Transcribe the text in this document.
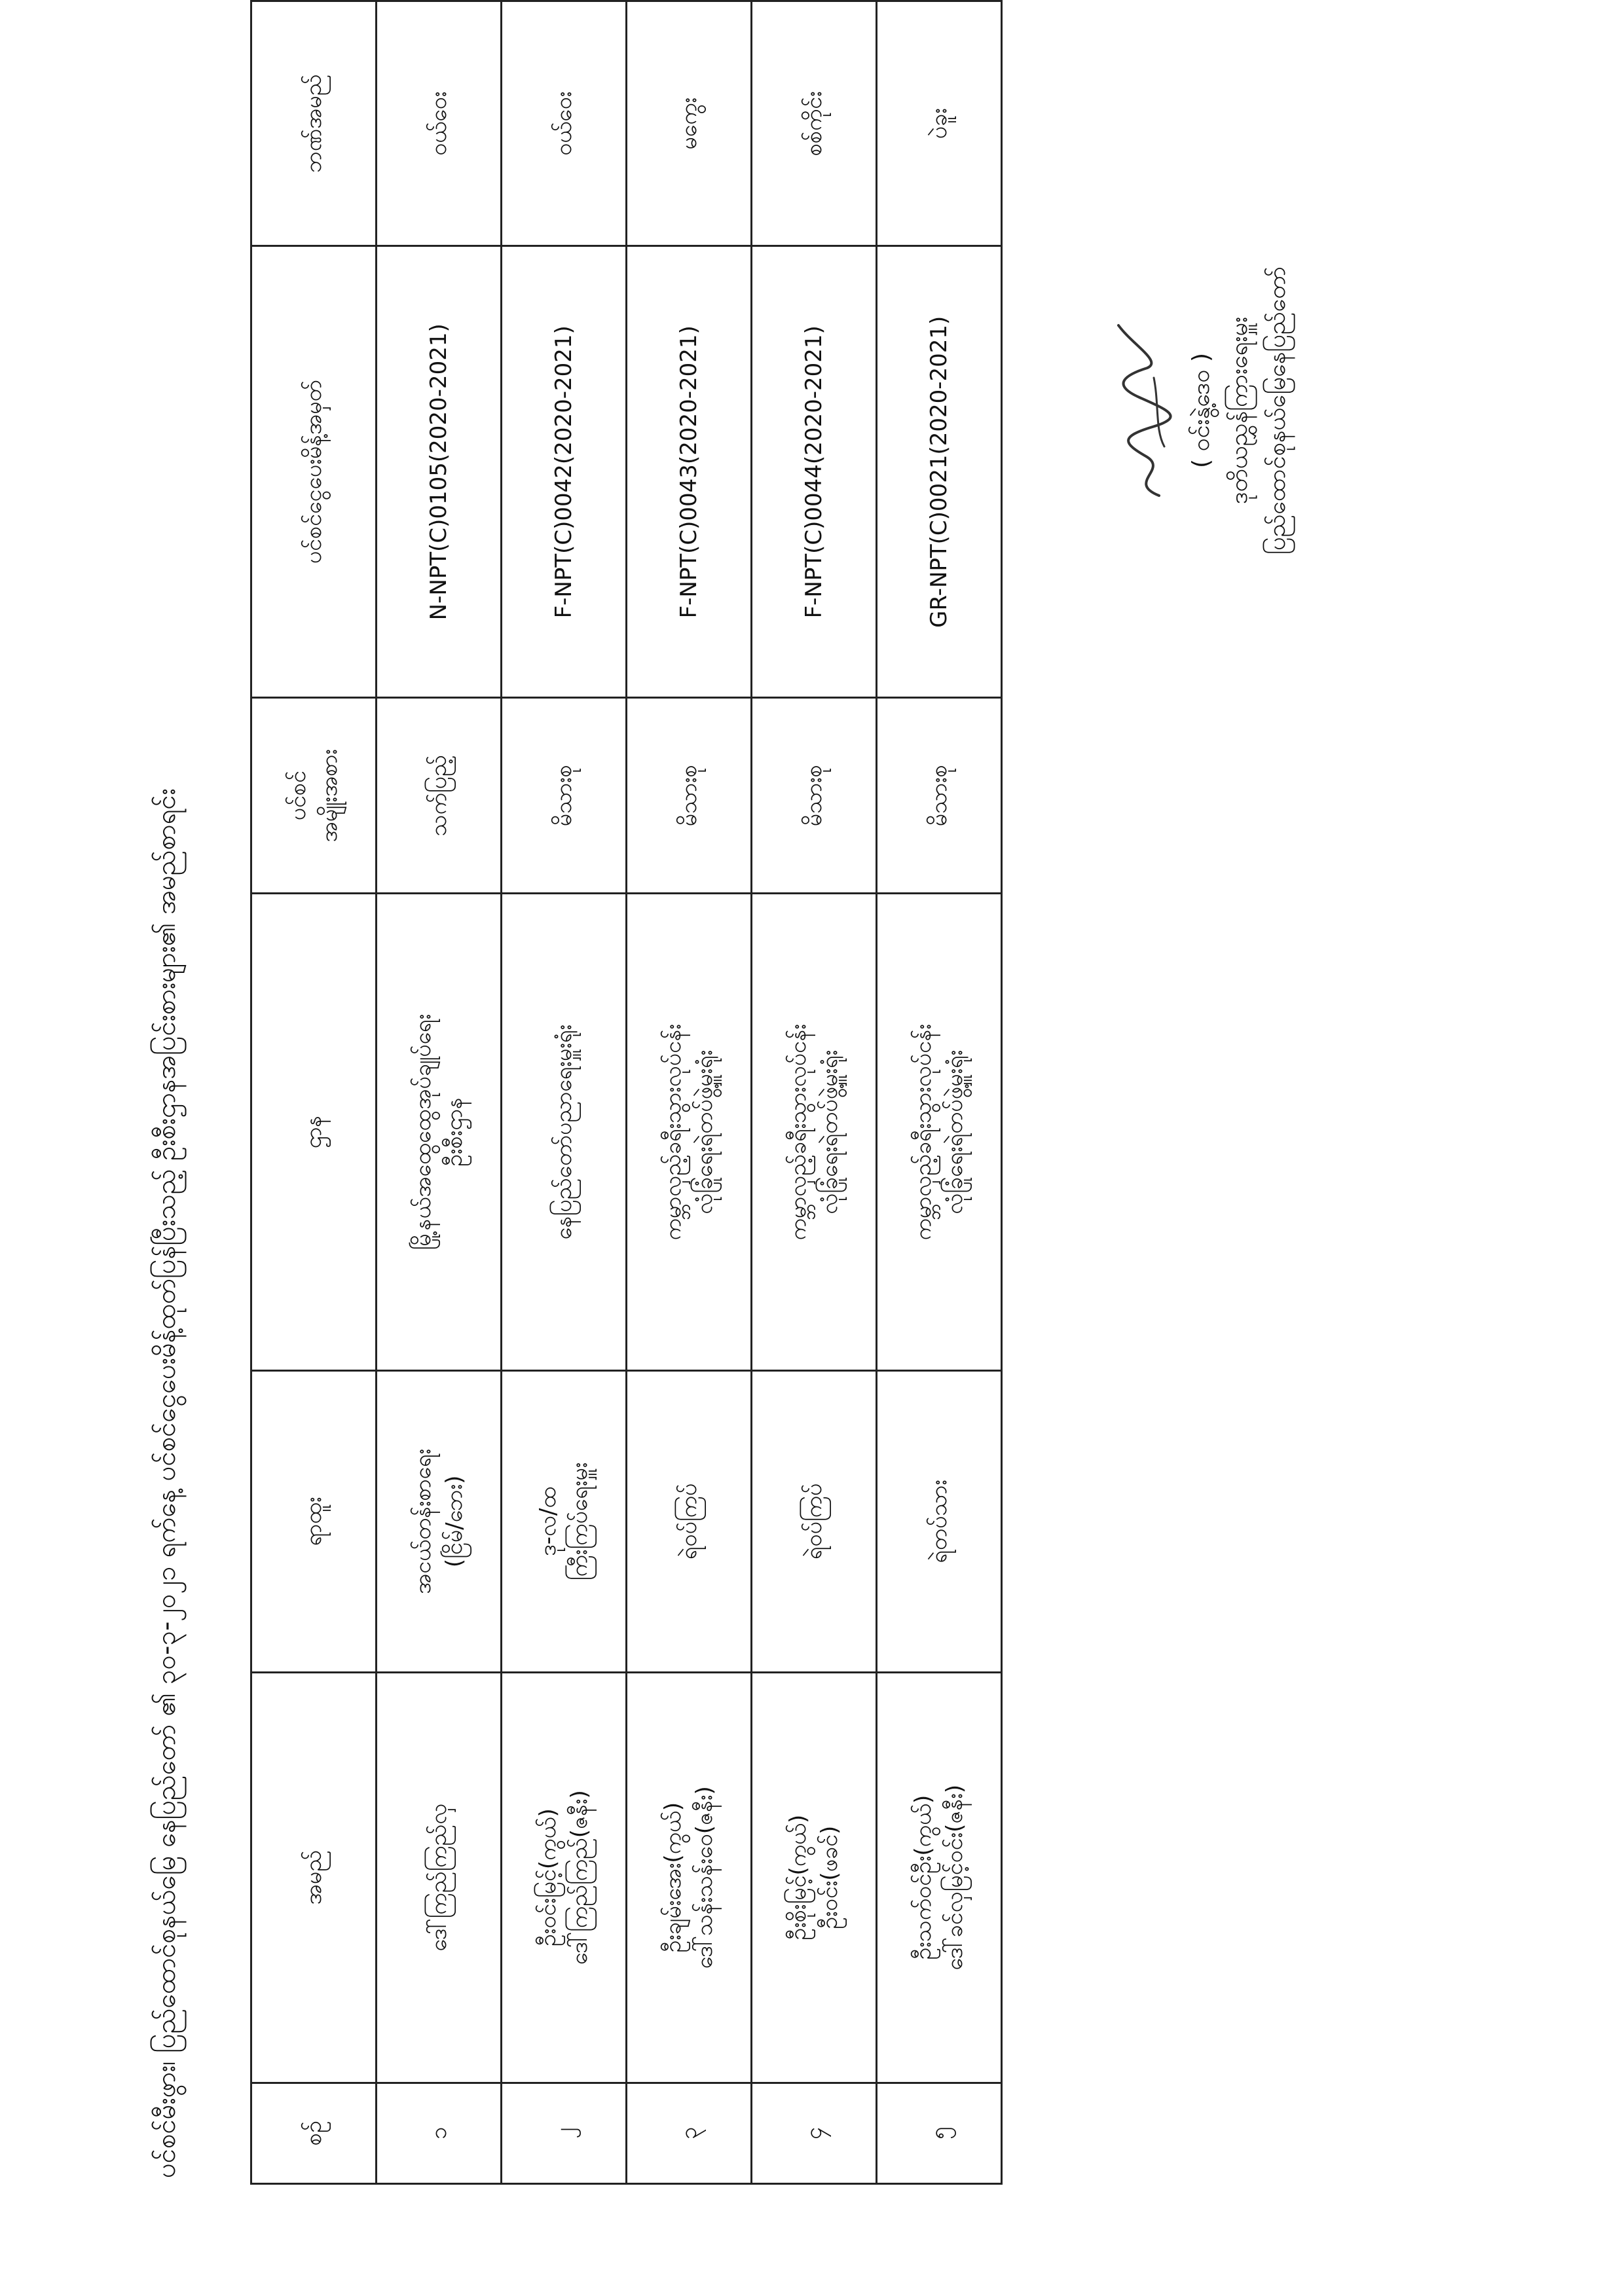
ပင်စင်မီးဖွား၊ ပြည်ထောင်စုနယ်မြေ နေပြည်တော် ၏ ၃၀-၃-၂၀၂၁ ရက်နေ့ ပင်စင်ငွေပေးမိန့်ထုတ်ပြန်ပြီးသည့် ဦးစီးဌာနအပြင်းစားများ၏ အမည်စာရင်း	စဉ်	အမည်	ရာထူး	ဌာန	ပင်စင် အမျိုးအစား	ပင်စင်ငွေပေးမိန့်အမှတ်	ဘဏ်အမည်
၁	ဒေါ်ကြည်ကြည်လှ	အငယ်တန်းစာရေး (ငြိမ်/ဘေး)	မြို့နယ်အထွေထွေအုပ်ချုပ်ရေး ဦးစီးဌာန	သက်ပြည့်	N-NPT(C)0105(2020-2021)	ဝယ်ဝေး
၂	ဦးဝင်းမြင့်(ကွယ်) ဒေါ်ကြည်ကြည်(ဇနီး)	ဒု-လ/ထ ကြီးကြပ်ရေးမှူး	နေပြည်တော်ပညာရေးမှူးရုံး	မိသားစု	F-NPT(C)0042(2020-2021)	ဝယ်ဝေး
၃	ဦးချမ်းအေး(ကွယ်) ဒေါ်သန်းသန်းဝေ(ဇနီး)	ရဲဝပ်ကြပ်	ကမ္ဘာလှည့်ခရီးသွားလုပ်ငန်း လုံခြုံရေးရဲတပ်ဖွဲ့မှူးရုံး	မိသားစု	F-NPT(C)0043(2020-2021)	မကွေး
၄	ဦးစိုးမြင့်(ကွယ်) ဦးဝင်း(ဖခင်)	ရဲဝပ်ကြပ်	ကမ္ဘာလှည့်ခရီးသွားလုပ်ငန်း လုံခြုံရေးရဲတပ်ဖွဲ့မှူးရုံး	မိသားစု	F-NPT(C)0044(2020-2021)	စစ်ကိုင်း
၅	ဦးသက်ဝင်ဦး(ကွယ်) ဒေါ်ခင်လှမြင့်ဝင်း(ဇနီး)	ရဲတပ်သား	ကမ္ဘာလှည့်ခရီးသွားလုပ်ငန်း လုံခြုံရေးရဲတပ်ဖွဲ့မှူးရုံး	မိသားစု	GR-NPT(C)0021(2020-2021)	ပဲခူး
( ဝင်းနွဲ့ဒေဝ ) ဒုတိယညွှန်ကြားရေးမှူး ပြည်ထောင်စုနယ်မြေနေပြည်တော်
